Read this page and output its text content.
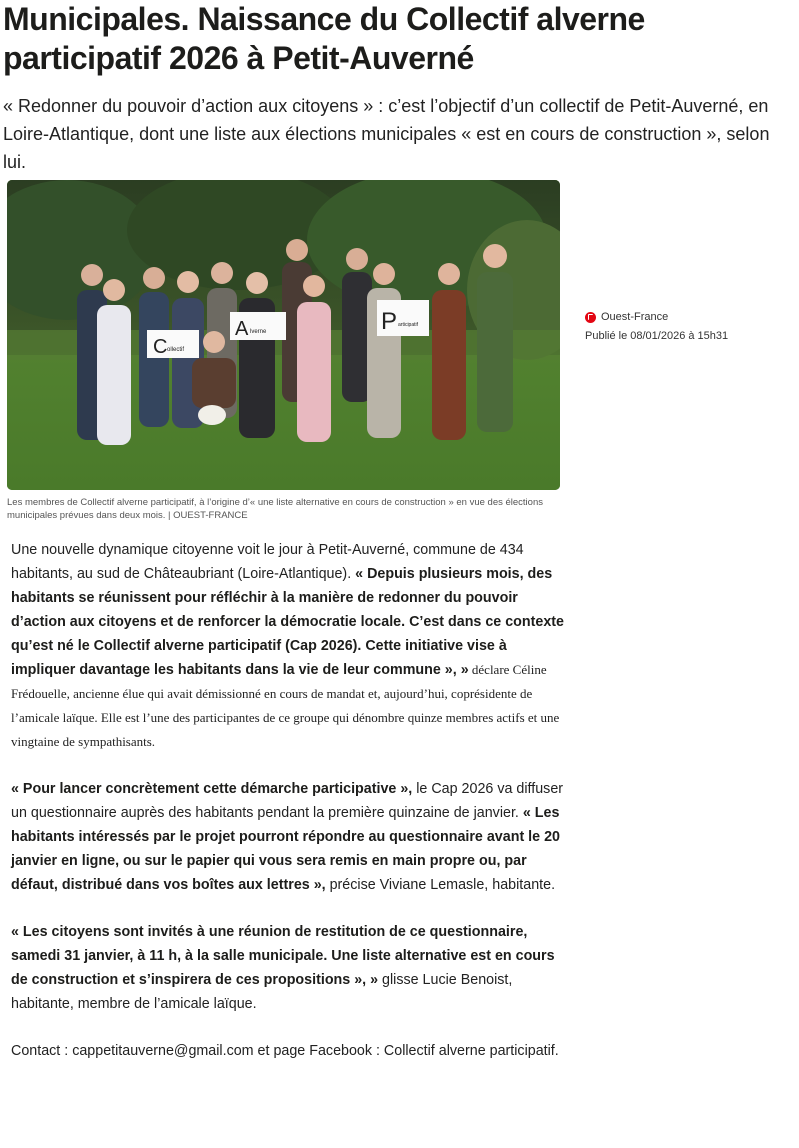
Municipales. Naissance du Collectif alverne participatif 2026 à Petit-Auverné

« Redonner du pouvoir d’action aux citoyens » : c’est l’objectif d’un collectif de Petit-Auverné, en Loire-Atlantique, dont une liste aux élections municipales « est en cours de construction », selon lui.

C ollectif
A lverne	P articipatif

Les membres de Collectif alverne participatif, à l’origine d’« une liste alternative en cours de construction » en vue des élections municipales prévues dans deux mois. | OUEST-FRANCE

Ouest-France
Publié le 08/01/2026 à 15h31

Une nouvelle dynamique citoyenne voit le jour à Petit-Auverné, commune de 434 habitants, au sud de Châteaubriant (Loire-Atlantique). « Depuis plusieurs mois, des habitants se réunissent pour réfléchir à la manière de redonner du pouvoir d’action aux citoyens et de renforcer la démocratie locale. C’est dans ce contexte qu’est né le Collectif alverne participatif (Cap 2026). Cette initiative vise à impliquer davantage les habitants dans la vie de leur commune », » déclare Céline Frédouelle, ancienne élue qui avait démissionné en cours de mandat et, aujourd’hui, coprésidente de l’amicale laïque. Elle est l’une des participantes de ce groupe qui dénombre quinze membres actifs et une vingtaine de sympathisants.

« Pour lancer concrètement cette démarche participative », le Cap 2026 va diffuser un questionnaire auprès des habitants pendant la première quinzaine de janvier. « Les habitants intéressés par le projet pourront répondre au questionnaire avant le 20 janvier en ligne, ou sur le papier qui vous sera remis en main propre ou, par défaut, distribué dans vos boîtes aux lettres », précise Viviane Lemasle, habitante.

« Les citoyens sont invités à une réunion de restitution de ce questionnaire, samedi 31 janvier, à 11 h, à la salle municipale. Une liste alternative est en cours de construction et s’inspirera de ces propositions », » glisse Lucie Benoist, habitante, membre de l’amicale laïque.

Contact : cappetitauverne@gmail.com et page Facebook : Collectif alverne participatif.
